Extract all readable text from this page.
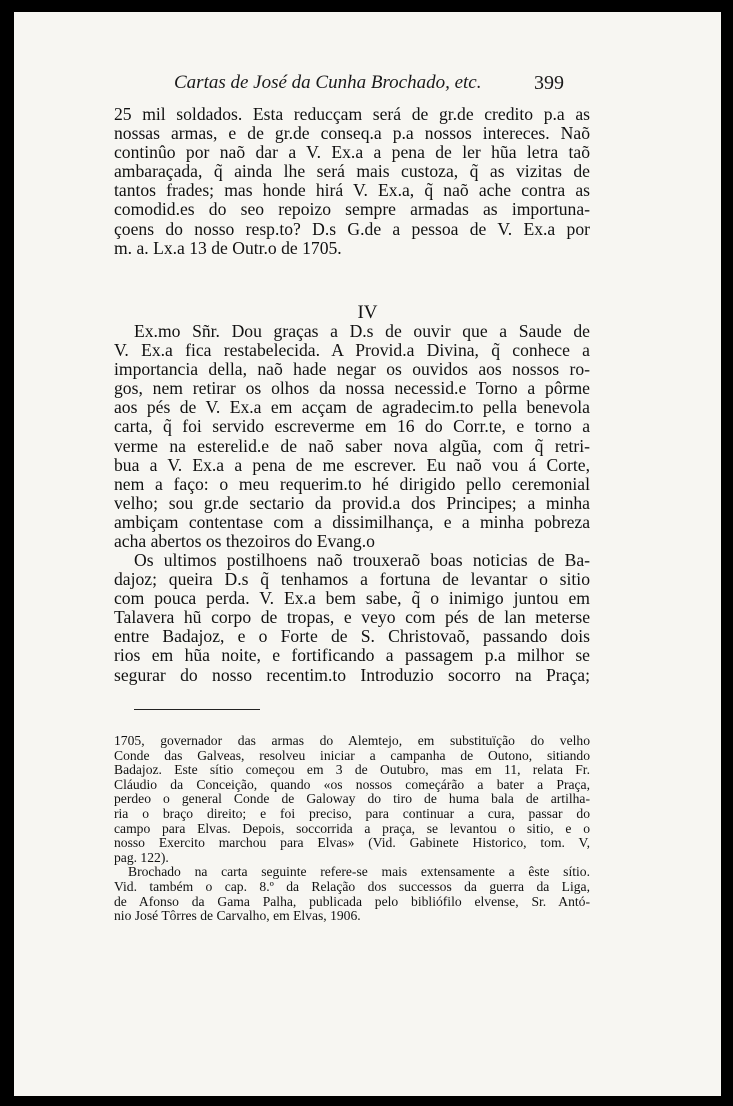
Cartas de José da Cunha Brochado, etc.	399
25 mil soldados. Esta reducçam será de gr.de credito p.a as
nossas armas, e de gr.de conseq.a p.a nossos intereces. Naõ
continûo por naõ dar a V. Ex.a a pena de ler hũa letra taõ
ambaraçada, q̃ ainda lhe será mais custoza, q̃ as vizitas de
tantos frades; mas honde hirá V. Ex.a, q̃ naõ ache contra as
comodid.es do seo repoizo sempre armadas as importuna-
çoens do nosso resp.to? D.s G.de a pessoa de V. Ex.a por
m. a. Lx.a 13 de Outr.o de 1705.
IV
Ex.mo Sñr. Dou graças a D.s de ouvir que a Saude de
V. Ex.a fica restabelecida. A Provid.a Divina, q̃ conhece a
importancia della, naõ hade negar os ouvidos aos nossos ro-
gos, nem retirar os olhos da nossa necessid.e Torno a pôrme
aos pés de V. Ex.a em acçam de agradecim.to pella benevola
carta, q̃ foi servido escreverme em 16 do Corr.te, e torno a
verme na esterelid.e de naõ saber nova algũa, com q̃ retri-
bua a V. Ex.a a pena de me escrever. Eu naõ vou á Corte,
nem a faço: o meu requerim.to hé dirigido pello ceremonial
velho; sou gr.de sectario da provid.a dos Principes; a minha
ambiçam contentase com a dissimilhança, e a minha pobreza
acha abertos os thezoiros do Evang.o
Os ultimos postilhoens naõ trouxeraõ boas noticias de Ba-
dajoz; queira D.s q̃ tenhamos a fortuna de levantar o sitio
com pouca perda. V. Ex.a bem sabe, q̃ o inimigo juntou em
Talavera hũ corpo de tropas, e veyo com pés de lan meterse
entre Badajoz, e o Forte de S. Christovaõ, passando dois
rios em hũa noite, e fortificando a passagem p.a milhor se
segurar do nosso recentim.to Introduzio socorro na Praça;
1705, governador das armas do Alemtejo, em substituïção do velho
Conde das Galveas, resolveu iniciar a campanha de Outono, sitiando
Badajoz. Este sítio começou em 3 de Outubro, mas em 11, relata Fr.
Cláudio da Conceição, quando «os nossos começárão a bater a Praça,
perdeo o general Conde de Galoway do tiro de huma bala de artilha-
ria o braço direito; e foi preciso, para continuar a cura, passar do
campo para Elvas. Depois, soccorrida a praça, se levantou o sitio, e o
nosso Exercito marchou para Elvas» (Vid. Gabinete Historico, tom. V,
pag. 122).
Brochado na carta seguinte refere-se mais extensamente a êste sítio.
Vid. também o cap. 8.º da Relação dos successos da guerra da Liga,
de Afonso da Gama Palha, publicada pelo bibliófilo elvense, Sr. Antó-
nio José Tôrres de Carvalho, em Elvas, 1906.
